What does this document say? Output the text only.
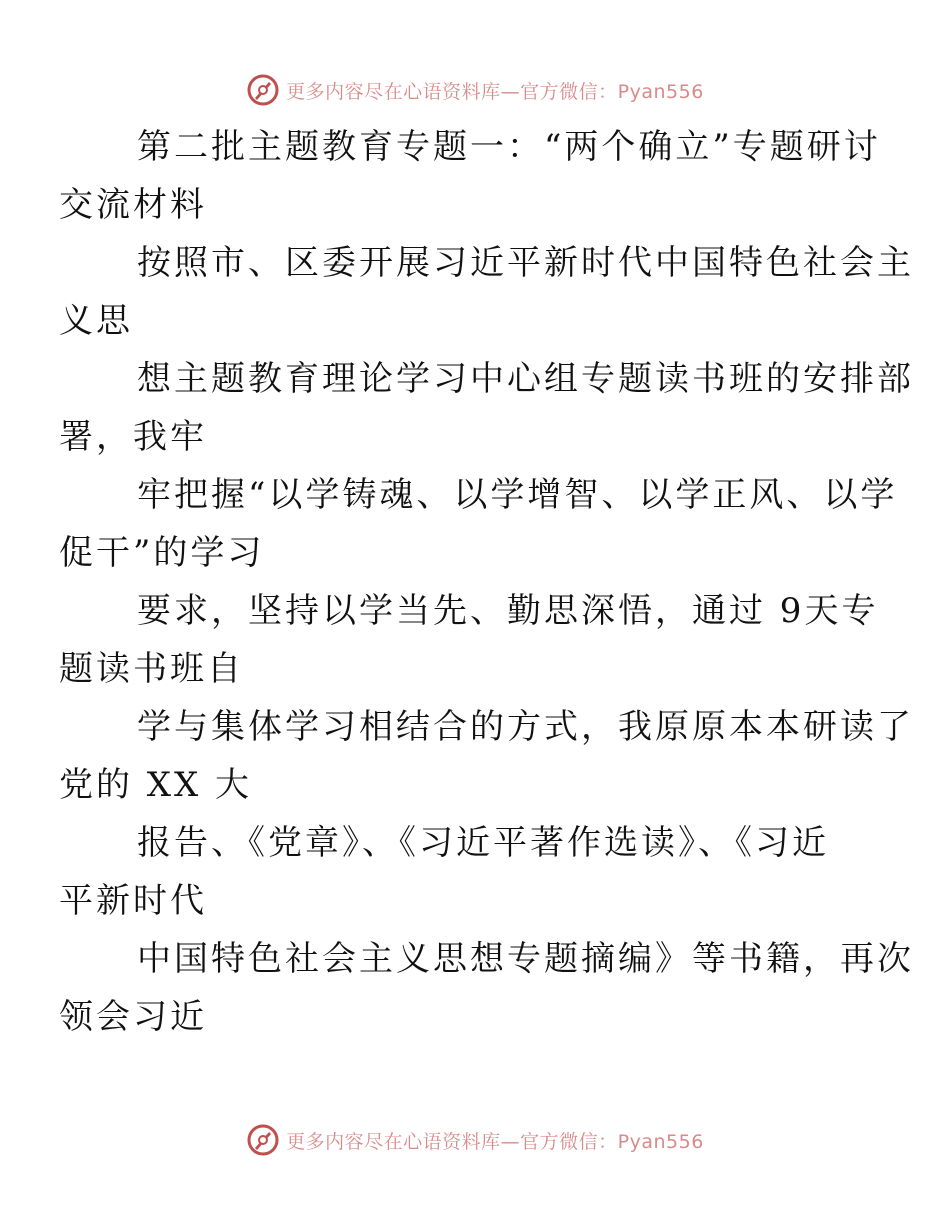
更多内容尽在心语资料库—官方微信：Pyan556

第二批主题教育专题一：“两个确立”专题研讨
交流材料

按照市、区委开展习近平新时代中国特色社会主
义思

想主题教育理论学习中心组专题读书班的安排部
署，我牢

牢把握“以学铸魂、以学增智、以学正风、以学
促干”的学习

要求，坚持以学当先、勤思深悟，通过 9天专
题读书班自

学与集体学习相结合的方式，我原原本本研读了
党的 XX 大

报告、《党章》、《习近平著作选读》、《习近
平新时代

中国特色社会主义思想专题摘编》等书籍，再次
领会习近

更多内容尽在心语资料库—官方微信：Pyan556
